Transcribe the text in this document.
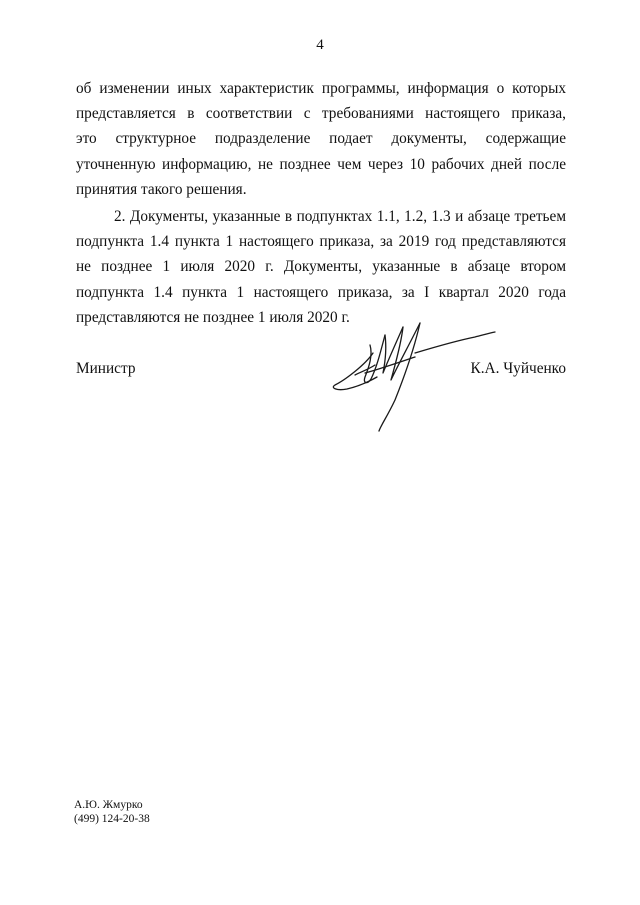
4
об изменении иных характеристик программы, информация о которых
представляется в соответствии с требованиями настоящего приказа,
это структурное подразделение подает документы, содержащие
уточненную информацию, не позднее чем через 10 рабочих дней после
принятия такого решения.
2. Документы, указанные в подпунктах 1.1, 1.2, 1.3 и абзаце третьем
подпункта 1.4 пункта 1 настоящего приказа, за 2019 год представляются
не позднее 1 июля 2020 г. Документы, указанные в абзаце втором
подпункта 1.4 пункта 1 настоящего приказа, за I квартал 2020 года
представляются не позднее 1 июля 2020 г.
Министр	К.А. Чуйченко
А.Ю. Жмурко
(499) 124-20-38
